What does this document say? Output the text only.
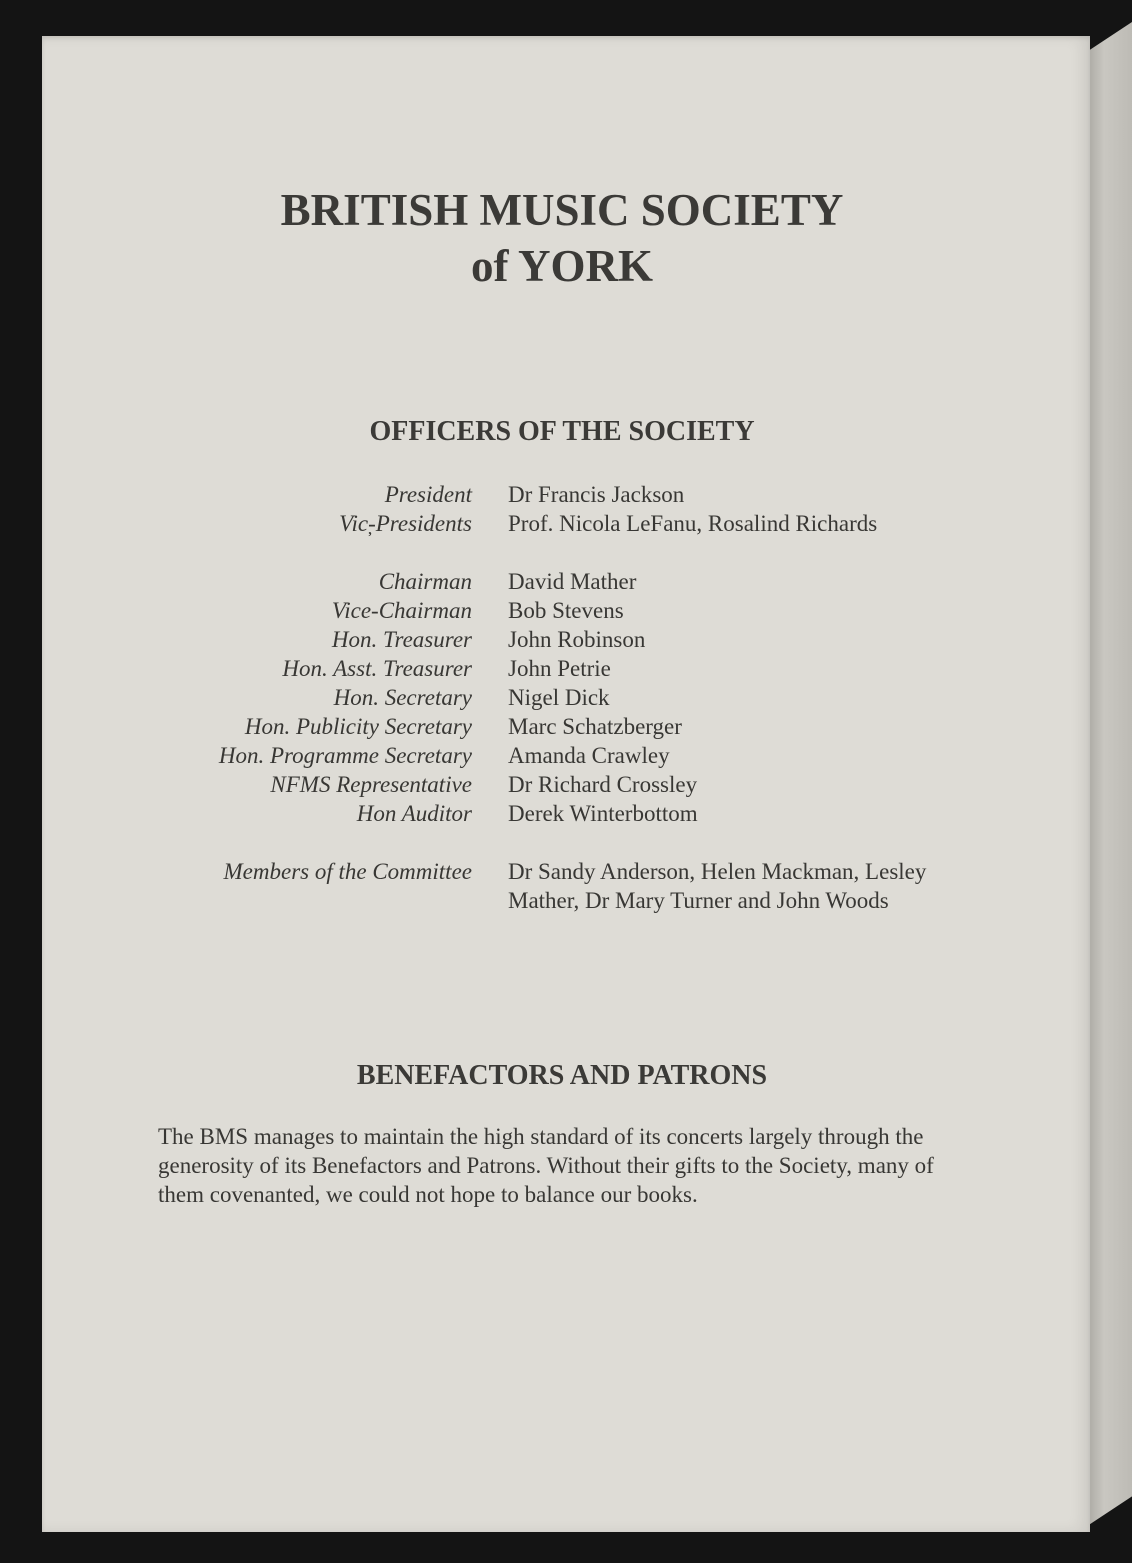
BRITISH MUSIC SOCIETY
of YORK
OFFICERS OF THE SOCIETY
President Dr Francis Jackson
Vic̦-Presidents Prof. Nicola LeFanu, Rosalind Richards
Chairman David Mather
Vice-Chairman Bob Stevens
Hon. Treasurer John Robinson
Hon. Asst. Treasurer John Petrie
Hon. Secretary Nigel Dick
Hon. Publicity Secretary Marc Schatzberger
Hon. Programme Secretary Amanda Crawley
NFMS Representative Dr Richard Crossley
Hon Auditor Derek Winterbottom
Members of the Committee Dr Sandy Anderson, Helen Mackman, Lesley Mather, Dr Mary Turner and John Woods
BENEFACTORS AND PATRONS

The BMS manages to maintain the high standard of its concerts largely through the generosity of its Benefactors and Patrons. Without their gifts to the Society, many of them covenanted, we could not hope to balance our books.
